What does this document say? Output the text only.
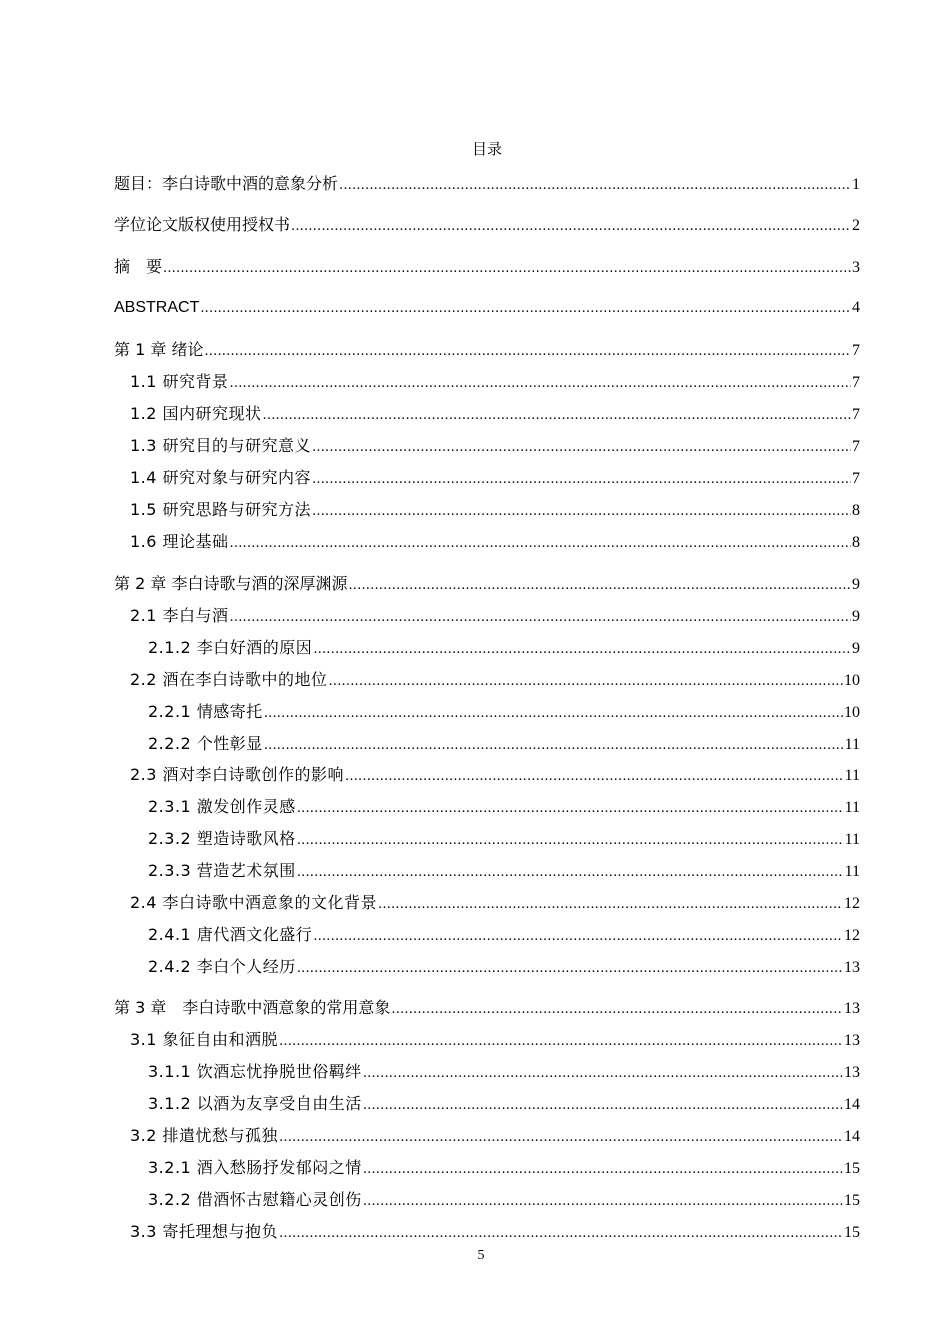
目录
题目：李白诗歌中酒的意象分析 .....	1
学位论文版权使用授权书 .....	2
摘　要 .....	3
ABSTRACT .....	4
第 1 章 绪论 .....	7
1.1 研究背景 .....	7
1.2 国内研究现状 .....	7
1.3 研究目的与研究意义 .....	7
1.4 研究对象与研究内容 .....	7
1.5 研究思路与研究方法 .....	8
1.6 理论基础 .....	8
第 2 章 李白诗歌与酒的深厚渊源 .....	9
2.1 李白与酒 .....	9
2.1.2 李白好酒的原因 .....	9
2.2 酒在李白诗歌中的地位 .....	10
2.2.1 情感寄托 .....	10
2.2.2 个性彰显 .....	11
2.3 酒对李白诗歌创作的影响 .....	11
2.3.1 激发创作灵感 .....	11
2.3.2 塑造诗歌风格 .....	11
2.3.3 营造艺术氛围 .....	11
2.4 李白诗歌中酒意象的文化背景 .....	12
2.4.1 唐代酒文化盛行 .....	12
2.4.2 李白个人经历 .....	13
第 3 章　李白诗歌中酒意象的常用意象 .....	13
3.1 象征自由和洒脱 .....	13
3.1.1 饮酒忘忧挣脱世俗羁绊 .....	13
3.1.2 以酒为友享受自由生活 .....	14
3.2 排遣忧愁与孤独 .....	14
3.2.1 酒入愁肠抒发郁闷之情 .....	15
3.2.2 借酒怀古慰籍心灵创伤 .....	15
3.3 寄托理想与抱负 .....	15
5
